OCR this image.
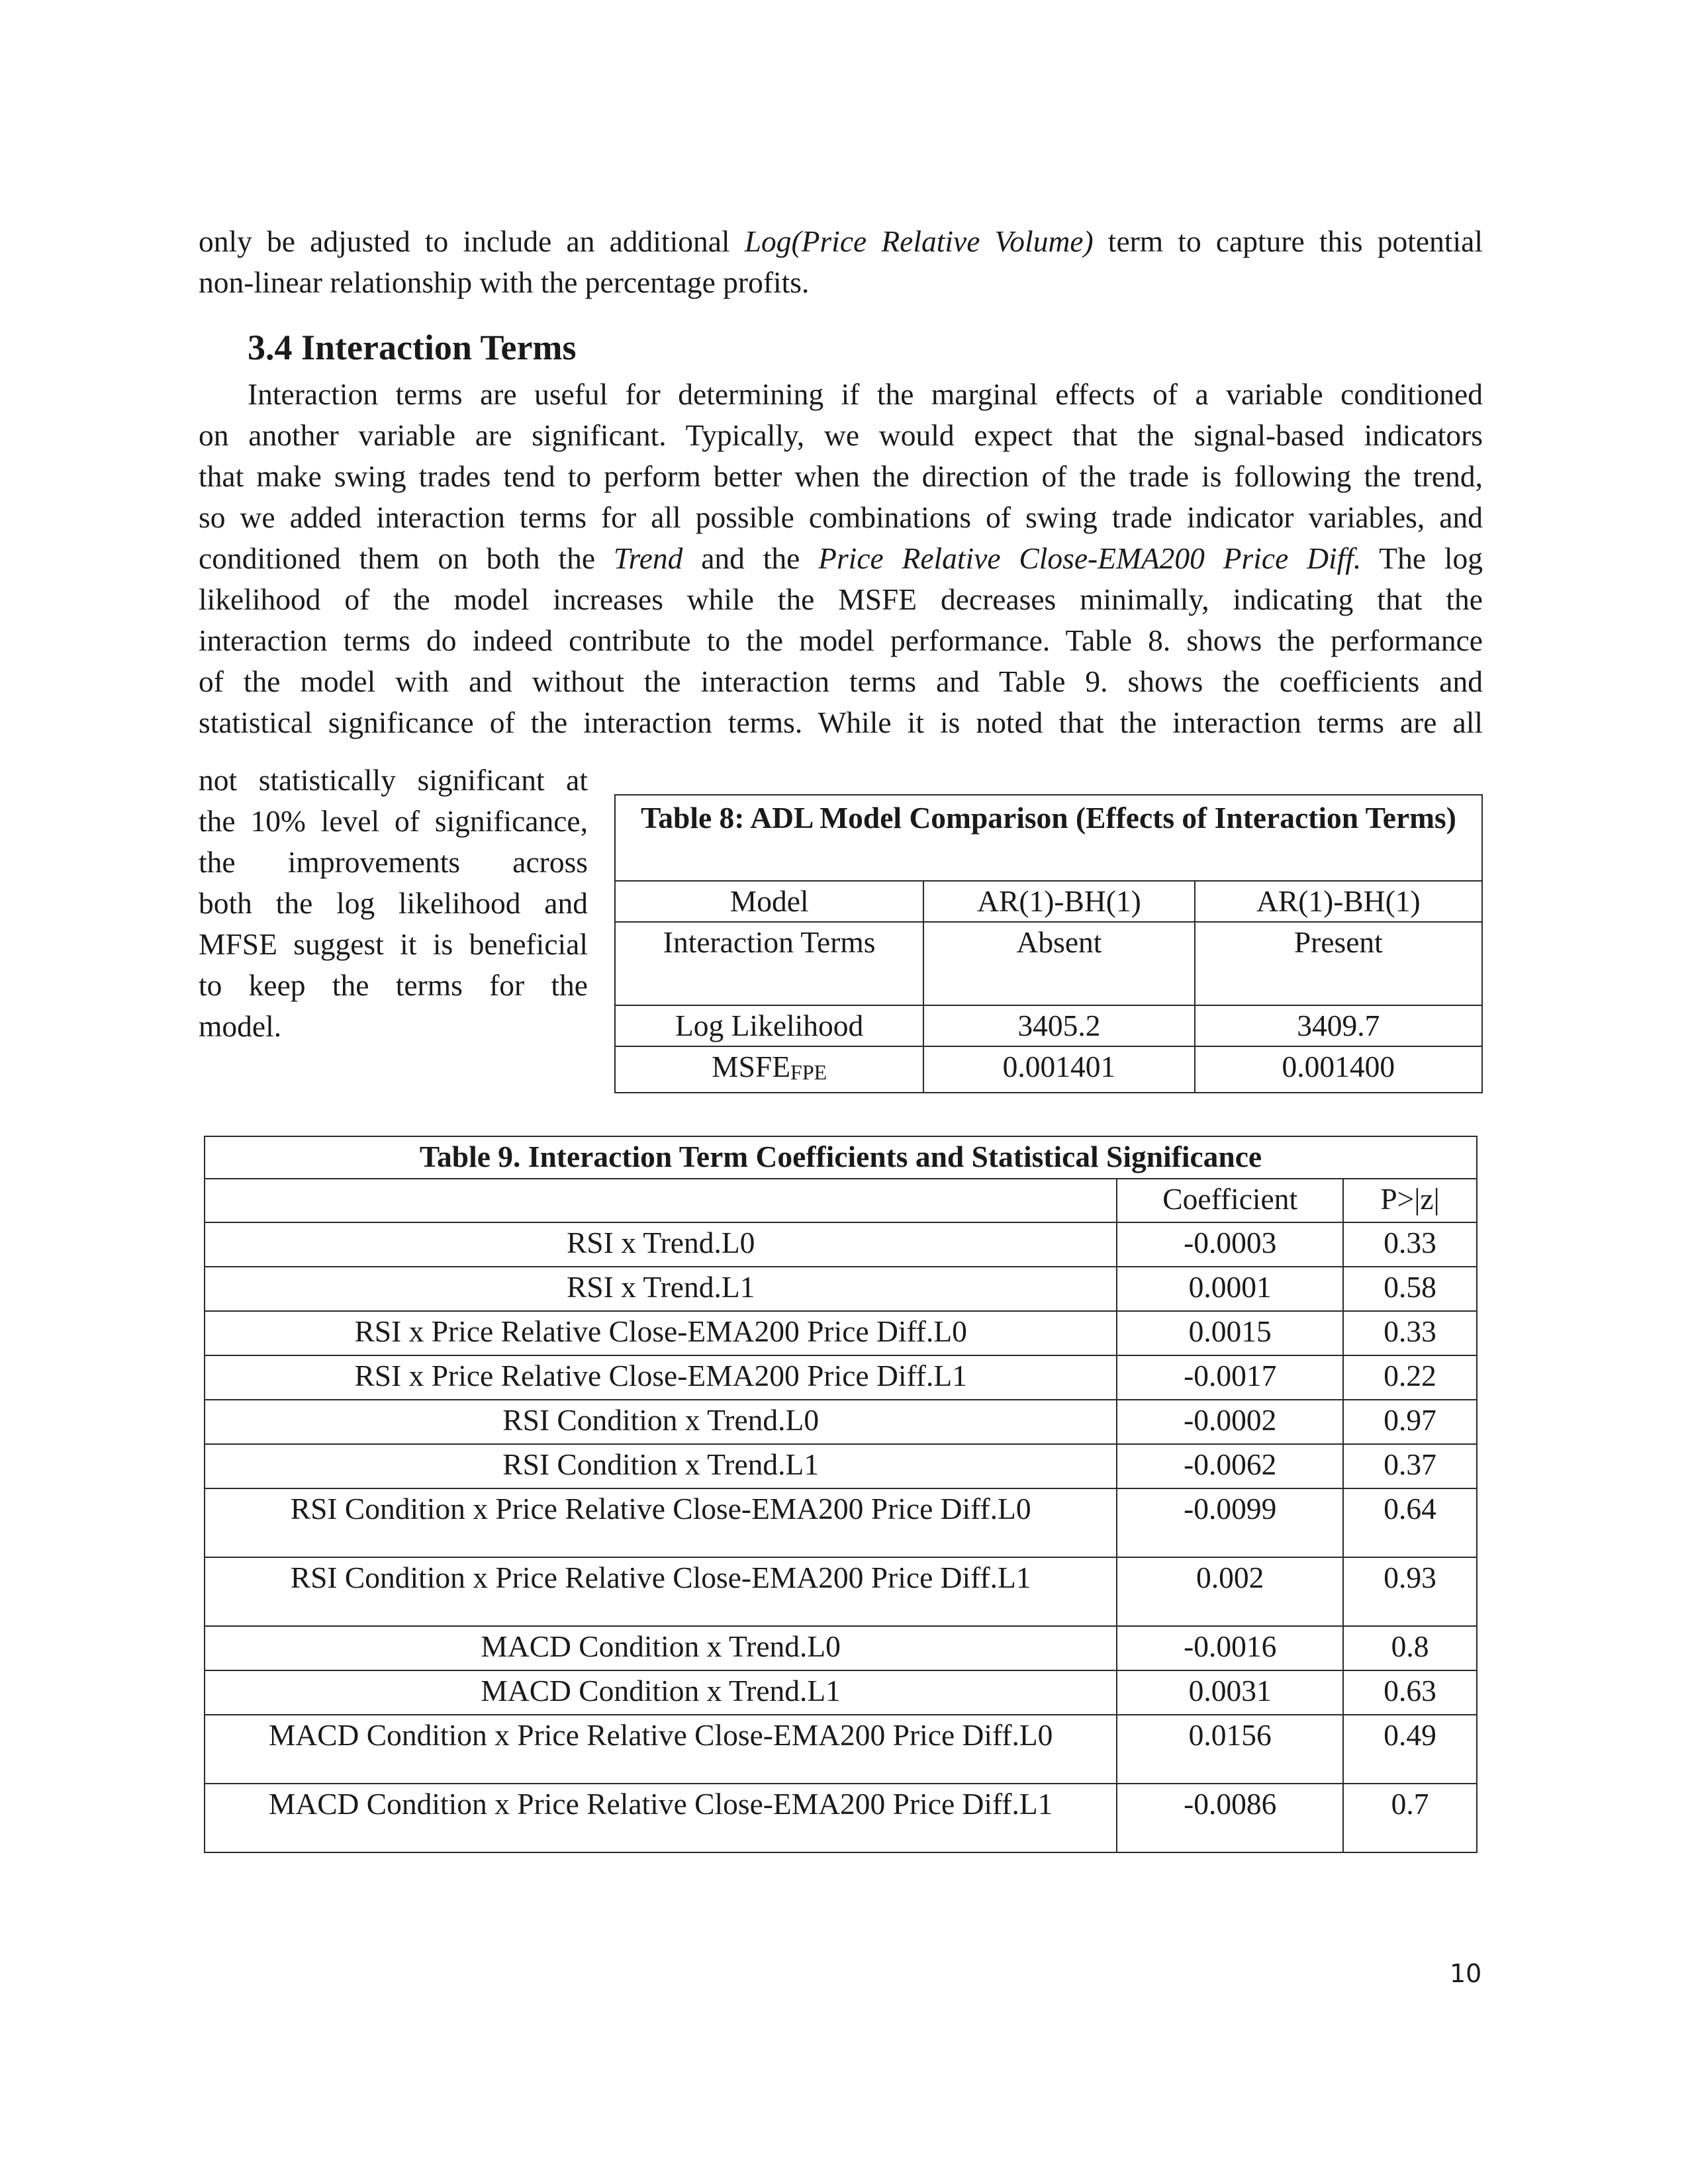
only be adjusted to include an additional Log(Price Relative Volume) term to capture this potential
non-linear relationship with the percentage profits.
3.4 Interaction Terms
Interaction terms are useful for determining if the marginal effects of a variable conditioned
on another variable are significant. Typically, we would expect that the signal-based indicators
that make swing trades tend to perform better when the direction of the trade is following the trend,
so we added interaction terms for all possible combinations of swing trade indicator variables, and
conditioned them on both the Trend and the Price Relative Close-EMA200 Price Diff. The log
likelihood of the model increases while the MSFE decreases minimally, indicating that the
interaction terms do indeed contribute to the model performance. Table 8. shows the performance
of the model with and without the interaction terms and Table 9. shows the coefficients and
statistical significance of the interaction terms. While it is noted that the interaction terms are all
not statistically significant at
the 10% level of significance,
the improvements across
both the log likelihood and
MFSE suggest it is beneficial
to keep the terms for the
model.
Table 8: ADL Model Comparison (Effects of Interaction Terms)		
Model	AR(1)-BH(1)	AR(1)-BH(1)
Interaction Terms	Absent	Present
Log Likelihood	3405.2	3409.7
$MSFE_{FPE}$	0.001401	0.001400
Table 9. Interaction Term Coefficients and Statistical Significance		
	Coefficient	P>|z|
RSI x Trend.L0	-0.0003	0.33
RSI x Trend.L1	0.0001	0.58
RSI x Price Relative Close-EMA200 Price Diff.L0	0.0015	0.33
RSI x Price Relative Close-EMA200 Price Diff.L1	-0.0017	0.22
RSI Condition x Trend.L0	-0.0002	0.97
RSI Condition x Trend.L1	-0.0062	0.37
RSI Condition x Price Relative Close-EMA200 Price Diff.L0	-0.0099	0.64
RSI Condition x Price Relative Close-EMA200 Price Diff.L1	0.002	0.93
MACD Condition x Trend.L0	-0.0016	0.8
MACD Condition x Trend.L1	0.0031	0.63
MACD Condition x Price Relative Close-EMA200 Price Diff.L0	0.0156	0.49
MACD Condition x Price Relative Close-EMA200 Price Diff.L1	-0.0086	0.7
10
